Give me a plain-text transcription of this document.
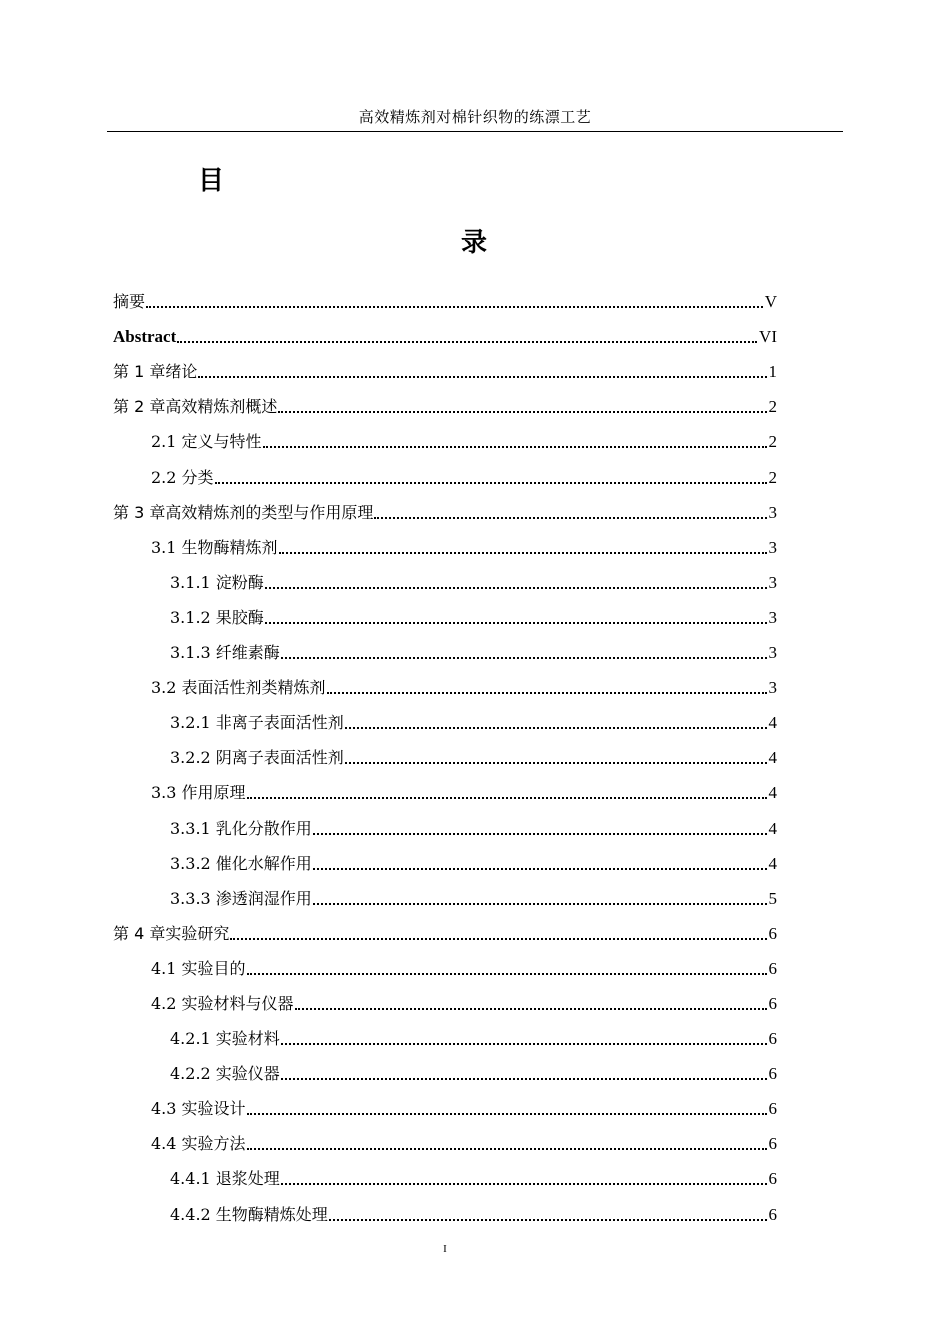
高效精炼剂对棉针织物的练漂工艺
目
录
摘要	V
Abstract	VI
第 1 章绪论	1
第 2 章高效精炼剂概述	2
2.1 定义与特性	2
2.2 分类	2
第 3 章高效精炼剂的类型与作用原理	3
3.1 生物酶精炼剂	3
3.1.1 淀粉酶	3
3.1.2 果胶酶	3
3.1.3 纤维素酶	3
3.2 表面活性剂类精炼剂	3
3.2.1 非离子表面活性剂	4
3.2.2 阴离子表面活性剂	4
3.3 作用原理	4
3.3.1 乳化分散作用	4
3.3.2 催化水解作用	4
3.3.3 渗透润湿作用	5
第 4 章实验研究	6
4.1 实验目的	6
4.2 实验材料与仪器	6
4.2.1 实验材料	6
4.2.2 实验仪器	6
4.3 实验设计	6
4.4 实验方法	6
4.4.1 退浆处理	6
4.4.2 生物酶精炼处理	6
I
